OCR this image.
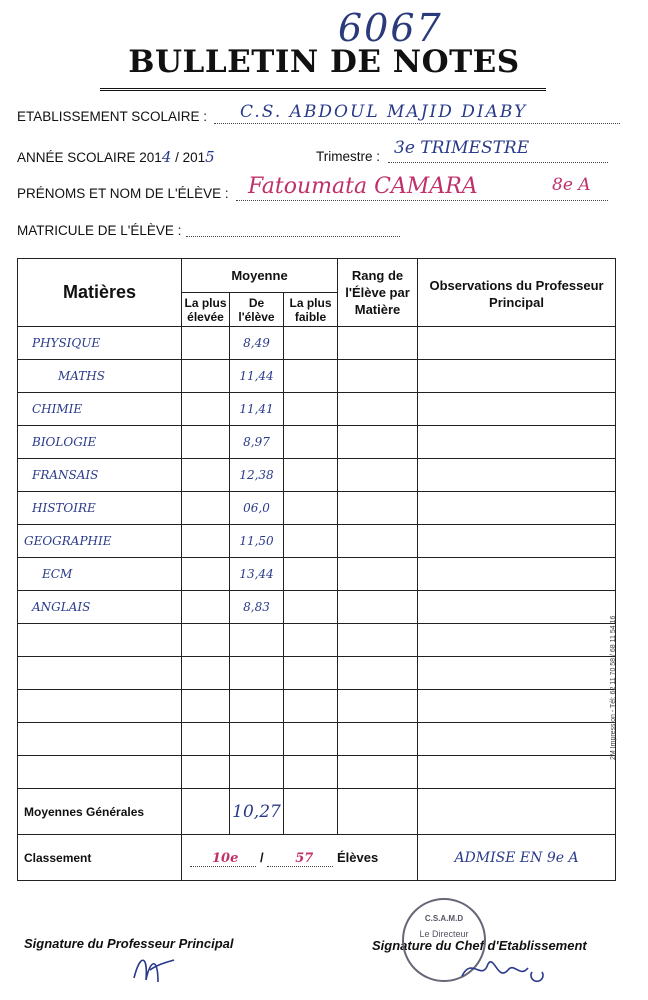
6067
BULLETIN DE NOTES
ETABLISSEMENT SCOLAIRE : C.S. ABDOUL MAJID DIABY
ANNÉE SCOLAIRE 2014 / 2015	Trimestre : 3e TRIMESTRE
PRÉNOMS ET NOM DE L'ÉLÈVE : Fatoumata CAMARA	8e A
MATRICULE DE L'ÉLÈVE :
Matières	Moyenne			Rang de l'Élève par Matière	Observations du Professeur Principal
	La plus élevée	De l'élève	La plus faible		
PHYSIQUE		8,49			
MATHS		11,44			
CHIMIE		11,41			
BIOLOGIE		8,97			
FRANSAIS		12,38			
HISTOIRE		06,0			
GEOGRAPHIE		11,50			
ECM		13,44			
ANGLAIS		8,83			

Moyennes Générales		10,27			
Classement	10e / 57 Élèves				ADMISE EN 9e A
Signature du Professeur Principal	Signature du Chef d'Etablissement
C.S.A.M.D
Le Directeur
2M Impression - Tél: 62 11 70 58 / 68 11 54 16
